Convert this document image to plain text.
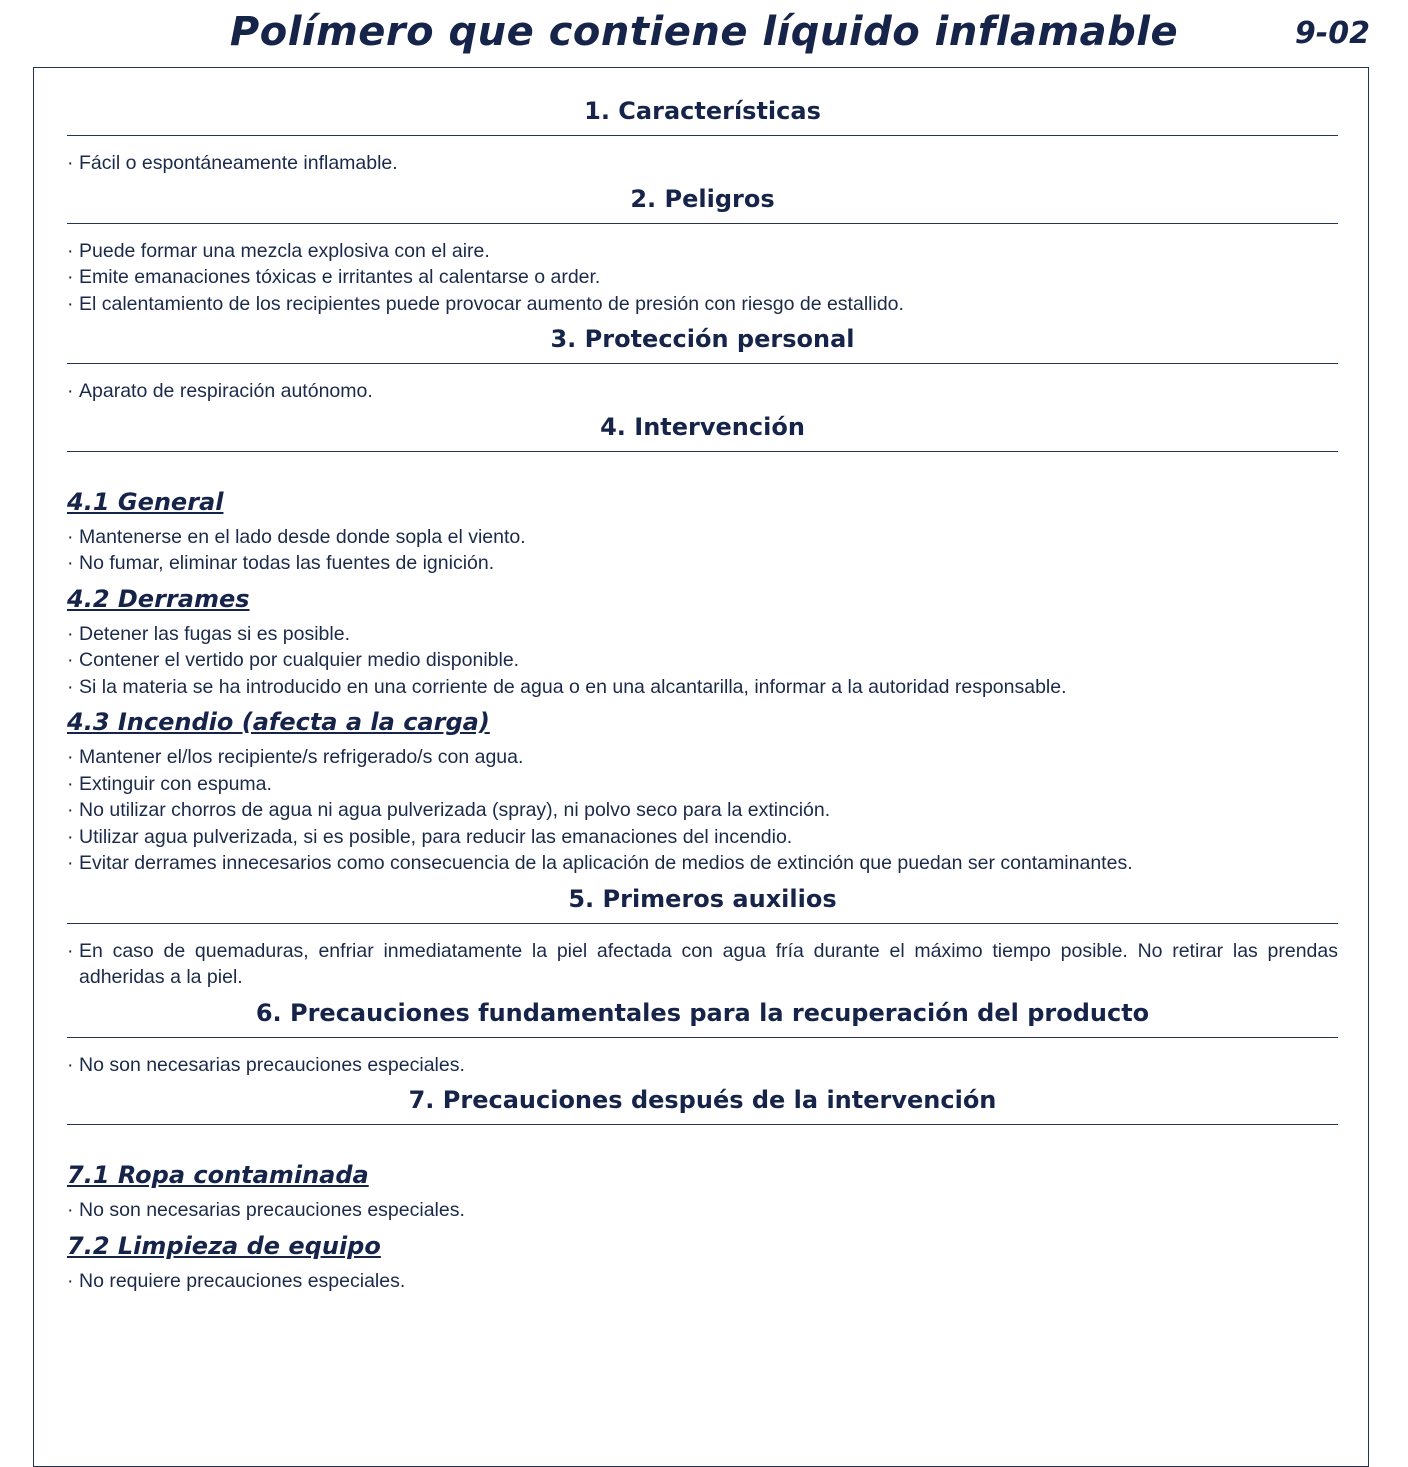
Polímero que contiene líquido inflamable	9-02
1. Características
· Fácil o espontáneamente inflamable.
2. Peligros
· Puede formar una mezcla explosiva con el aire.
· Emite emanaciones tóxicas e irritantes al calentarse o arder.
· El calentamiento de los recipientes puede provocar aumento de presión con riesgo de estallido.
3. Protección personal
· Aparato de respiración autónomo.
4. Intervención
4.1 General
· Mantenerse en el lado desde donde sopla el viento.
· No fumar, eliminar todas las fuentes de ignición.
4.2 Derrames
· Detener las fugas si es posible.
· Contener el vertido por cualquier medio disponible.
· Si la materia se ha introducido en una corriente de agua o en una alcantarilla, informar a la autoridad responsable.
4.3 Incendio (afecta a la carga)
· Mantener el/los recipiente/s refrigerado/s con agua.
· Extinguir con espuma.
· No utilizar chorros de agua ni agua pulverizada (spray), ni polvo seco para la extinción.
· Utilizar agua pulverizada, si es posible, para reducir las emanaciones del incendio.
· Evitar derrames innecesarios como consecuencia de la aplicación de medios de extinción que puedan ser contaminantes.
5. Primeros auxilios
· En caso de quemaduras, enfriar inmediatamente la piel afectada con agua fría durante el máximo tiempo posible. No retirar las prendas adheridas a la piel.
6. Precauciones fundamentales para la recuperación del producto
· No son necesarias precauciones especiales.
7. Precauciones después de la intervención
7.1 Ropa contaminada
· No son necesarias precauciones especiales.
7.2 Limpieza de equipo
· No requiere precauciones especiales.
